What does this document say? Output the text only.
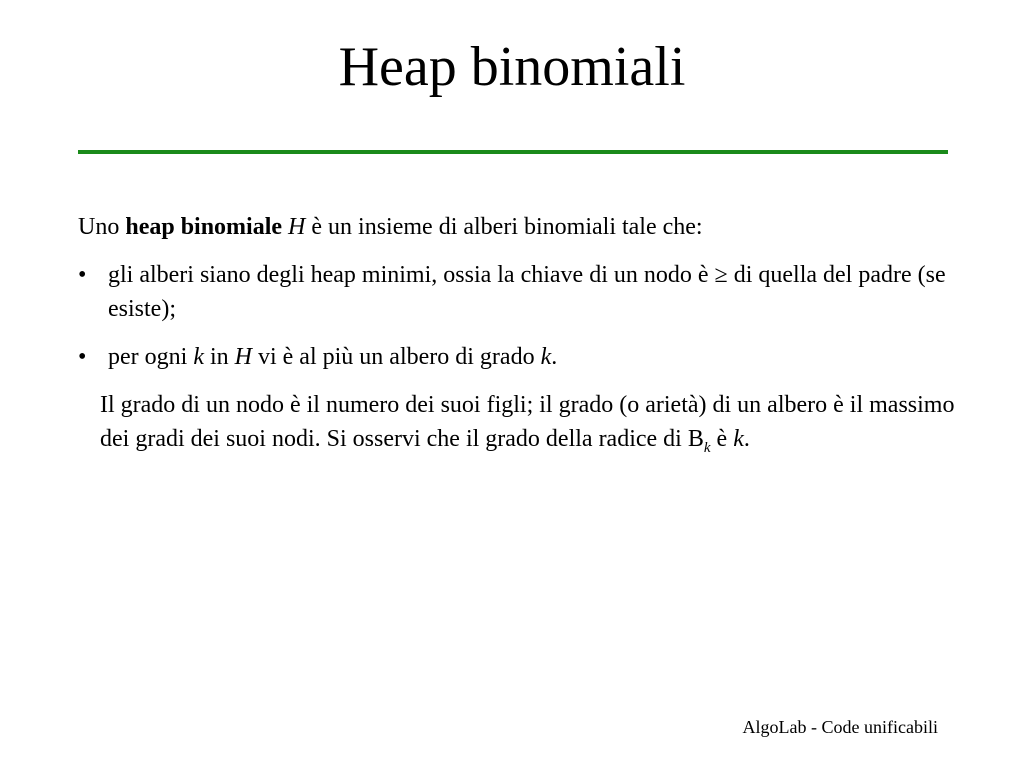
Heap binomiali

Uno heap binomiale H è un insieme di alberi binomiali tale che:

• gli alberi siano degli heap minimi, ossia la chiave di un nodo è ≥ di quella del padre (se esiste);
• per ogni k in H vi è al più un albero di grado k.

Il grado di un nodo è il numero dei suoi figli; il grado (o arietà) di un albero è il massimo dei gradi dei suoi nodi. Si osservi che il grado della radice di $B_k$ è k.

AlgoLab - Code unificabili
